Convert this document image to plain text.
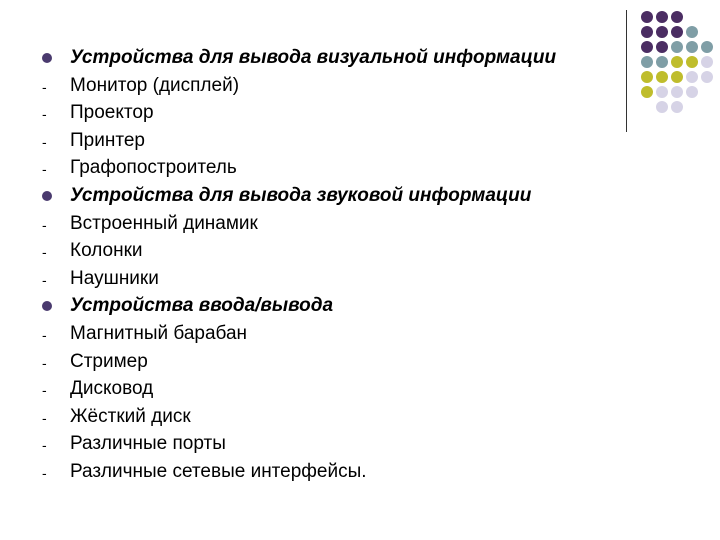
Устройства для вывода визуальной информации
- Монитор (дисплей)
- Проектор
- Принтер
- Графопостроитель
Устройства для вывода звуковой информации
- Встроенный динамик
- Колонки
- Наушники
Устройства ввода/вывода
- Магнитный барабан
- Стример
- Дисковод
- Жёсткий диск
- Различные порты
- Различные сетевые интерфейсы.
